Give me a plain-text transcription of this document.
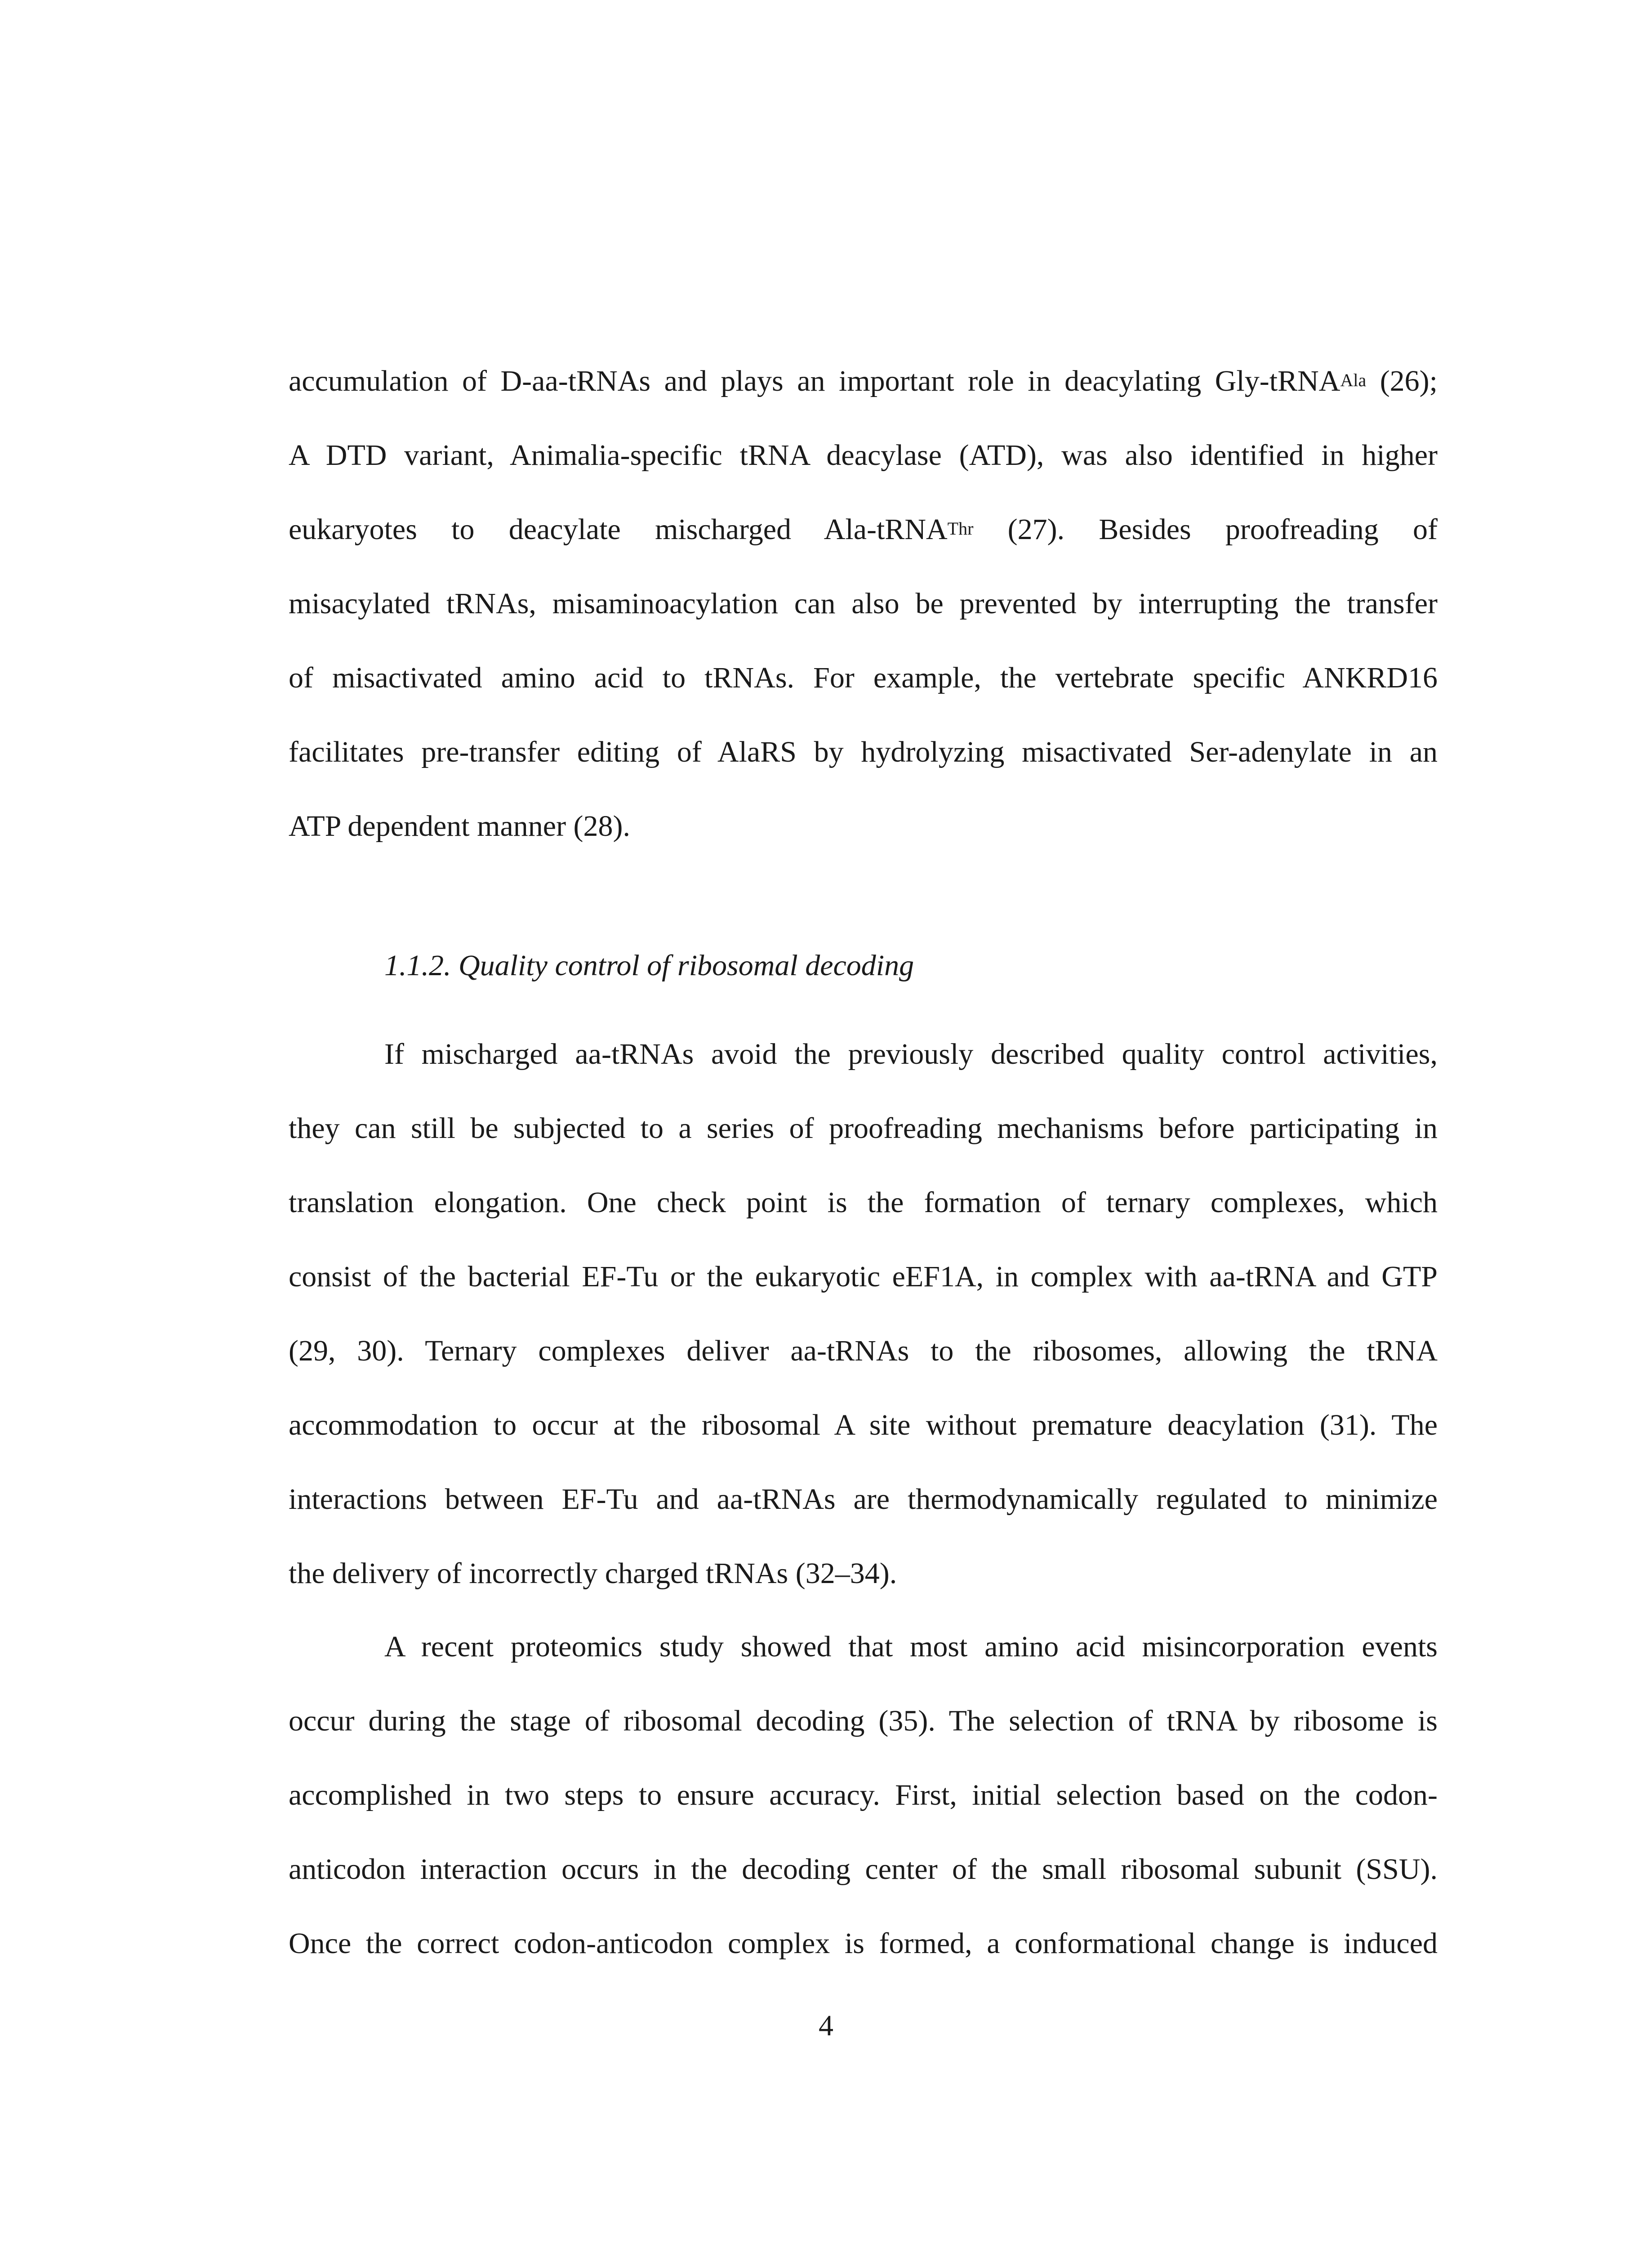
accumulation of D-aa-tRNAs and plays an important role in deacylating Gly-tRNA$^{Ala}$ (26);
A DTD variant, Animalia-specific tRNA deacylase (ATD), was also identified in higher
eukaryotes to deacylate mischarged Ala-tRNA$^{Thr}$ (27). Besides proofreading of
misacylated tRNAs, misaminoacylation can also be prevented by interrupting the transfer
of misactivated amino acid to tRNAs. For example, the vertebrate specific ANKRD16
facilitates pre-transfer editing of AlaRS by hydrolyzing misactivated Ser-adenylate in an
ATP dependent manner (28).

1.1.2. Quality control of ribosomal decoding

If mischarged aa-tRNAs avoid the previously described quality control activities,
they can still be subjected to a series of proofreading mechanisms before participating in
translation elongation. One check point is the formation of ternary complexes, which
consist of the bacterial EF-Tu or the eukaryotic eEF1A, in complex with aa-tRNA and GTP
(29, 30). Ternary complexes deliver aa-tRNAs to the ribosomes, allowing the tRNA
accommodation to occur at the ribosomal A site without premature deacylation (31). The
interactions between EF-Tu and aa-tRNAs are thermodynamically regulated to minimize
the delivery of incorrectly charged tRNAs (32–34).

A recent proteomics study showed that most amino acid misincorporation events
occur during the stage of ribosomal decoding (35). The selection of tRNA by ribosome is
accomplished in two steps to ensure accuracy. First, initial selection based on the codon-
anticodon interaction occurs in the decoding center of the small ribosomal subunit (SSU).
Once the correct codon-anticodon complex is formed, a conformational change is induced

4
